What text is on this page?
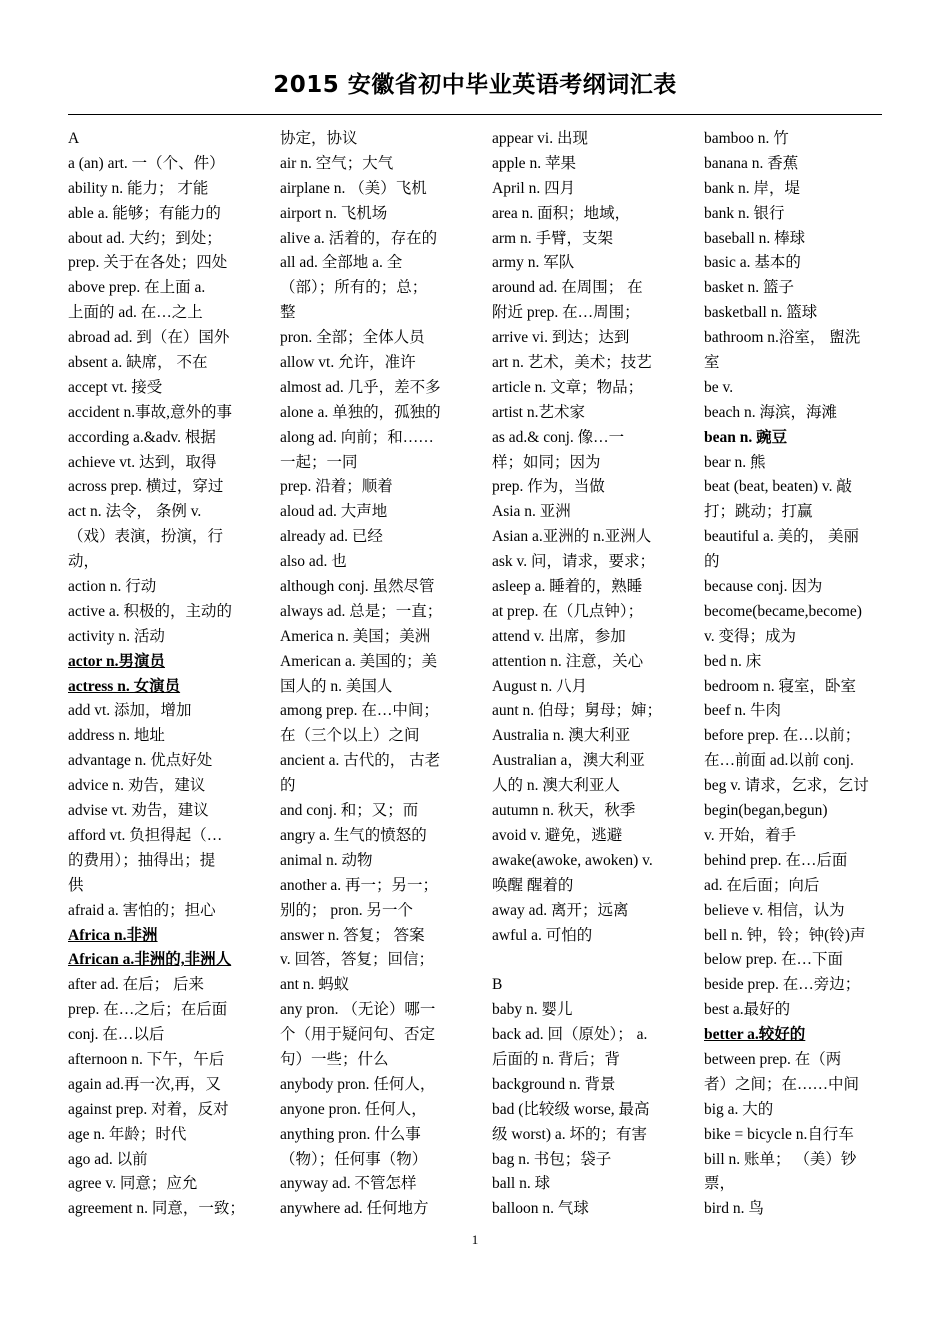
2015 安徽省初中毕业英语考纲词汇表
A
a (an) art. 一（个、件）
ability n. 能力； 才能
able a. 能够；有能力的
about ad. 大约；到处；
prep. 关于在各处；四处
above prep. 在上面 a.
上面的 ad. 在…之上
abroad ad. 到（在）国外
absent a. 缺席， 不在
accept vt. 接受
accident n.事故,意外的事
according a.&adv. 根据
achieve vt. 达到，取得
across prep. 横过，穿过
act n. 法令， 条例 v.
（戏）表演，扮演，行
动，
action n. 行动
active a. 积极的，主动的
activity n. 活动
actor n.男演员
actress n. 女演员
add vt. 添加，增加
address n. 地址
advantage n. 优点好处
advice n. 劝告，建议
advise vt. 劝告，建议
afford vt. 负担得起（…
的费用）；抽得出；提
供
afraid a. 害怕的；担心
Africa n.非洲
African a.非洲的,非洲人
after ad. 在后； 后来
prep. 在…之后；在后面
conj. 在…以后
afternoon n. 下午，午后
again ad.再一次,再，又
against prep. 对着，反对
age n. 年龄；时代
ago ad. 以前
agree v. 同意；应允
agreement n. 同意，一致；
协定，协议
air n. 空气；大气
airplane n. （美）飞机
airport n. 飞机场
alive a. 活着的，存在的
all ad. 全部地 a. 全
（部）；所有的；总；
整
pron. 全部；全体人员
allow vt. 允许，准许
almost ad. 几乎，差不多
alone a. 单独的，孤独的
along ad. 向前；和……
一起；一同
prep. 沿着；顺着
aloud ad. 大声地
already ad. 已经
also ad. 也
although conj. 虽然尽管
always ad. 总是；一直；
America n. 美国；美洲
American a. 美国的；美
国人的 n. 美国人
among prep. 在…中间；
在（三个以上）之间
ancient a. 古代的， 古老
的
and conj. 和；又；而
angry a. 生气的愤怒的
animal n. 动物
another a. 再一；另一；
别的； pron. 另一个
answer n. 答复； 答案
v. 回答，答复；回信；
ant n. 蚂蚁
any pron. （无论）哪一
个（用于疑问句、否定
句）一些；什么
anybody pron. 任何人，
anyone pron. 任何人，
anything pron. 什么事
（物）；任何事（物）
anyway ad. 不管怎样
anywhere ad. 任何地方
appear vi. 出现
apple n. 苹果
April n. 四月
area n. 面积；地域，
arm n. 手臂，支架
army n. 军队
around ad. 在周围； 在
附近 prep. 在…周围；
arrive vi. 到达；达到
art n. 艺术，美术；技艺
article n. 文章；物品；
artist n.艺术家
as ad.& conj. 像…一
样；如同；因为
prep. 作为，当做
Asia n. 亚洲
Asian a.亚洲的 n.亚洲人
ask v. 问，请求，要求；
asleep a. 睡着的，熟睡
at prep. 在（几点钟）；
attend v. 出席，参加
attention n. 注意，关心
August n. 八月
aunt n. 伯母；舅母；婶；
Australia n. 澳大利亚
Australian a，澳大利亚
人的 n. 澳大利亚人
autumn n. 秋天，秋季
avoid v. 避免，逃避
awake(awoke, awoken) v.
唤醒 醒着的
away ad. 离开；远离
awful a. 可怕的
B
baby n. 婴儿
back ad. 回（原处）； a.
后面的 n. 背后；背
background n. 背景
bad (比较级 worse, 最高
级 worst) a. 坏的；有害
bag n. 书包；袋子
ball n. 球
balloon n. 气球
bamboo n. 竹
banana n. 香蕉
bank n. 岸，堤
bank n. 银行
baseball n. 棒球
basic a. 基本的
basket n. 篮子
basketball n. 篮球
bathroom n.浴室， 盥洗
室
be v.
beach n. 海滨，海滩
bean n. 豌豆
bear n. 熊
beat (beat, beaten) v. 敲
打；跳动；打赢
beautiful a. 美的， 美丽
的
because conj. 因为
become(became,become)
v. 变得；成为
bed n. 床
bedroom n. 寝室，卧室
beef n. 牛肉
before prep. 在…以前；
在…前面 ad.以前 conj.
beg v. 请求，乞求，乞讨
begin(began,begun)
v. 开始，着手
behind prep. 在…后面
ad. 在后面；向后
believe v. 相信，认为
bell n. 钟，铃；钟(铃)声
below prep. 在…下面
beside prep. 在…旁边；
best a.最好的
better a.较好的
between prep. 在（两
者）之间；在……中间
big a. 大的
bike = bicycle n.自行车
bill n. 账单； （美）钞
票，
bird n. 鸟
1
